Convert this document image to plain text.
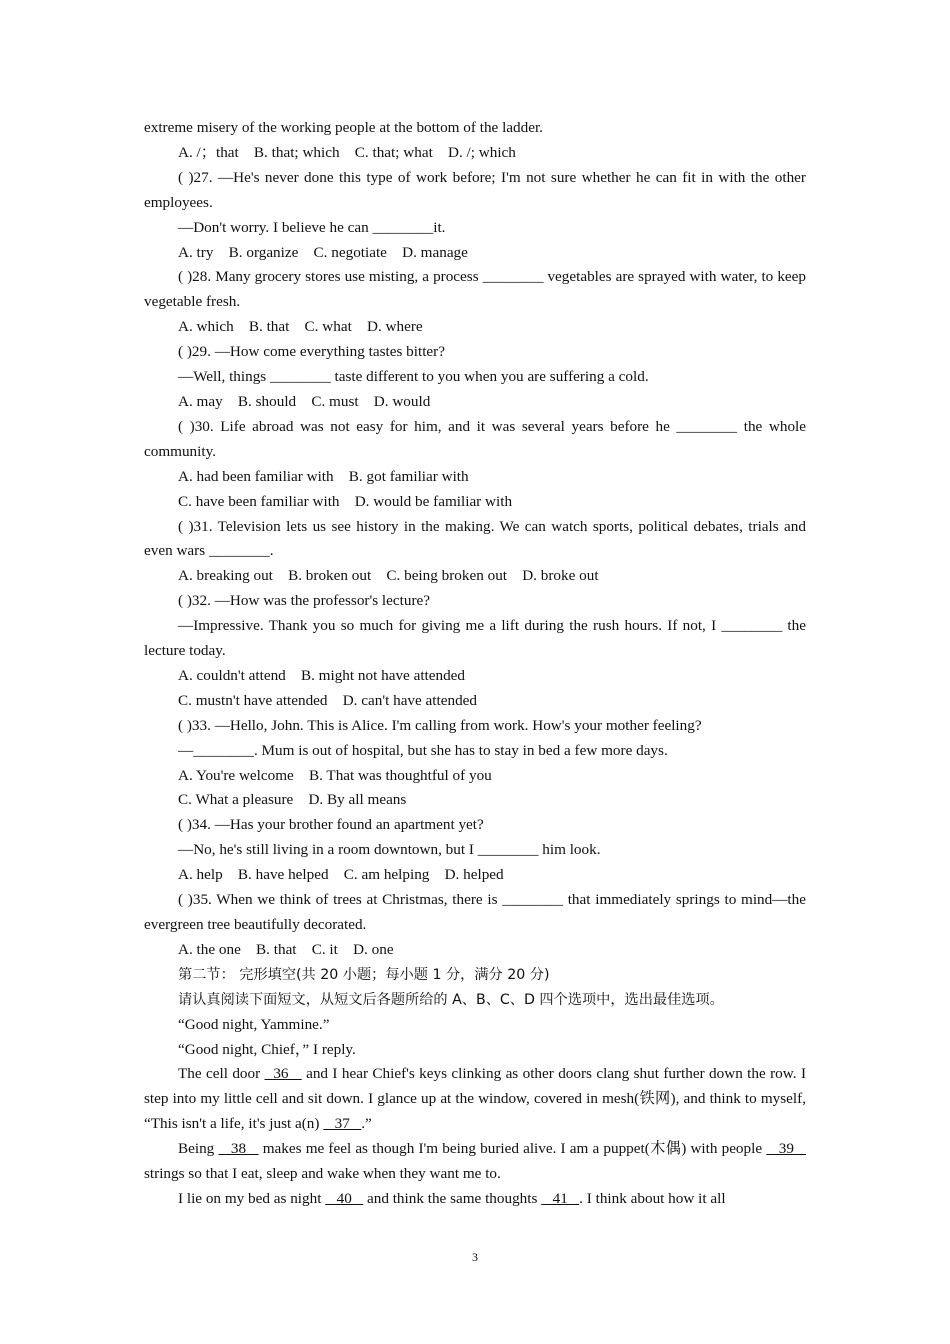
extreme misery of the working people at the bottom of the ladder.

A. /；that    B. that; which    C. that; what    D. /; which

( )27. —He's never done this type of work before; I'm not sure whether he can fit in with the other employees.

—Don't worry. I believe he can ________it.

A. try    B. organize    C. negotiate    D. manage

( )28. Many grocery stores use misting, a process ________ vegetables are sprayed with water, to keep vegetable fresh.

A. which    B. that    C. what    D. where

( )29. —How come everything tastes bitter?

—Well, things ________ taste different to you when you are suffering a cold.

A. may    B. should    C. must    D. would

( )30. Life abroad was not easy for him, and it was several years before he ________ the whole community.

A. had been familiar with    B. got familiar with

C. have been familiar with    D. would be familiar with

( )31. Television lets us see history in the making. We can watch sports, political debates, trials and even wars ________.

A. breaking out    B. broken out    C. being broken out    D. broke out

( )32. —How was the professor's lecture?

—Impressive. Thank you so much for giving me a lift during the rush hours. If not, I ________ the lecture today.

A. couldn't attend    B. might not have attended

C. mustn't have attended    D. can't have attended

( )33. —Hello, John. This is Alice. I'm calling from work. How's your mother feeling?

—________. Mum is out of hospital, but she has to stay in bed a few more days.

A. You're welcome    B. That was thoughtful of you

C. What a pleasure    D. By all means

( )34. —Has your brother found an apartment yet?

—No, he's still living in a room downtown, but I ________ him look.

A. help    B. have helped    C. am helping    D. helped

( )35. When we think of trees at Christmas, there is ________ that immediately springs to mind—the evergreen tree beautifully decorated.

A. the one    B. that    C. it    D. one

第二节： 完形填空(共 20 小题；每小题 1 分，满分 20 分)

请认真阅读下面短文，从短文后各题所给的 A、B、C、D 四个选项中，选出最佳选项。

“Good night, Yammine.”

“Good night, Chief，” I reply.

The cell door   36    and I hear Chief's keys clinking as other doors clang shut further down the row. I step into my little cell and sit down. I glance up at the window, covered in mesh(铁网), and think to myself, “This isn't a life, it's just a(n)    37   .”

Being    38    makes me feel as though I'm being buried alive. I am a puppet(木偶) with people    39    strings so that I eat, sleep and wake when they want me to.

I lie on my bed as night    40    and think the same thoughts    41   . I think about how it all

3
